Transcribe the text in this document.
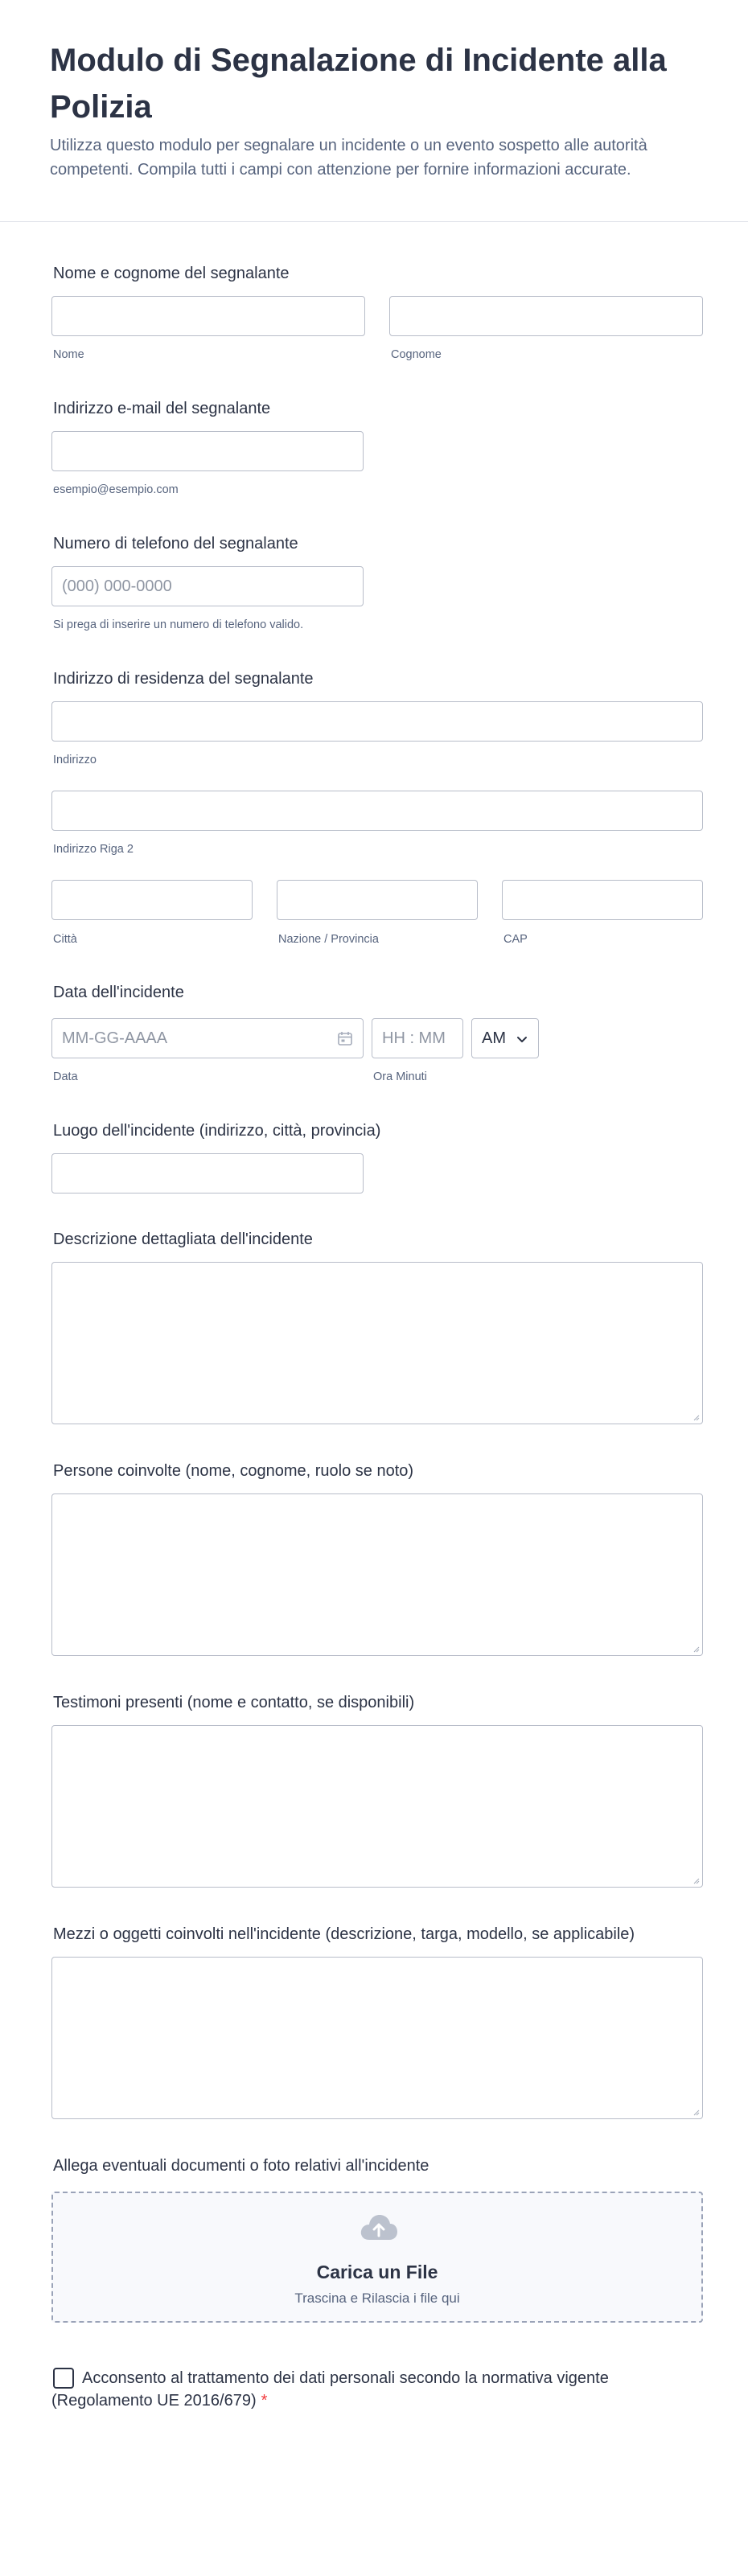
Modulo di Segnalazione di Incidente alla Polizia
Utilizza questo modulo per segnalare un incidente o un evento sospetto alle autorità competenti. Compila tutti i campi con attenzione per fornire informazioni accurate.
Nome e cognome del segnalante
Nome	Cognome
Indirizzo e-mail del segnalante
esempio@esempio.com
Numero di telefono del segnalante
(000) 000-0000
Si prega di inserire un numero di telefono valido.
Indirizzo di residenza del segnalante
Indirizzo
Indirizzo Riga 2
Città	Nazione / Provincia	CAP
Data dell'incidente
MM-GG-AAAA	HH : MM	AM
Data	Ora Minuti
Luogo dell'incidente (indirizzo, città, provincia)
Descrizione dettagliata dell'incidente
Persone coinvolte (nome, cognome, ruolo se noto)
Testimoni presenti (nome e contatto, se disponibili)
Mezzi o oggetti coinvolti nell'incidente (descrizione, targa, modello, se applicabile)
Allega eventuali documenti o foto relativi all'incidente
Carica un File
Trascina e Rilascia i file qui
Acconsento al trattamento dei dati personali secondo la normativa vigente (Regolamento UE 2016/679) *
